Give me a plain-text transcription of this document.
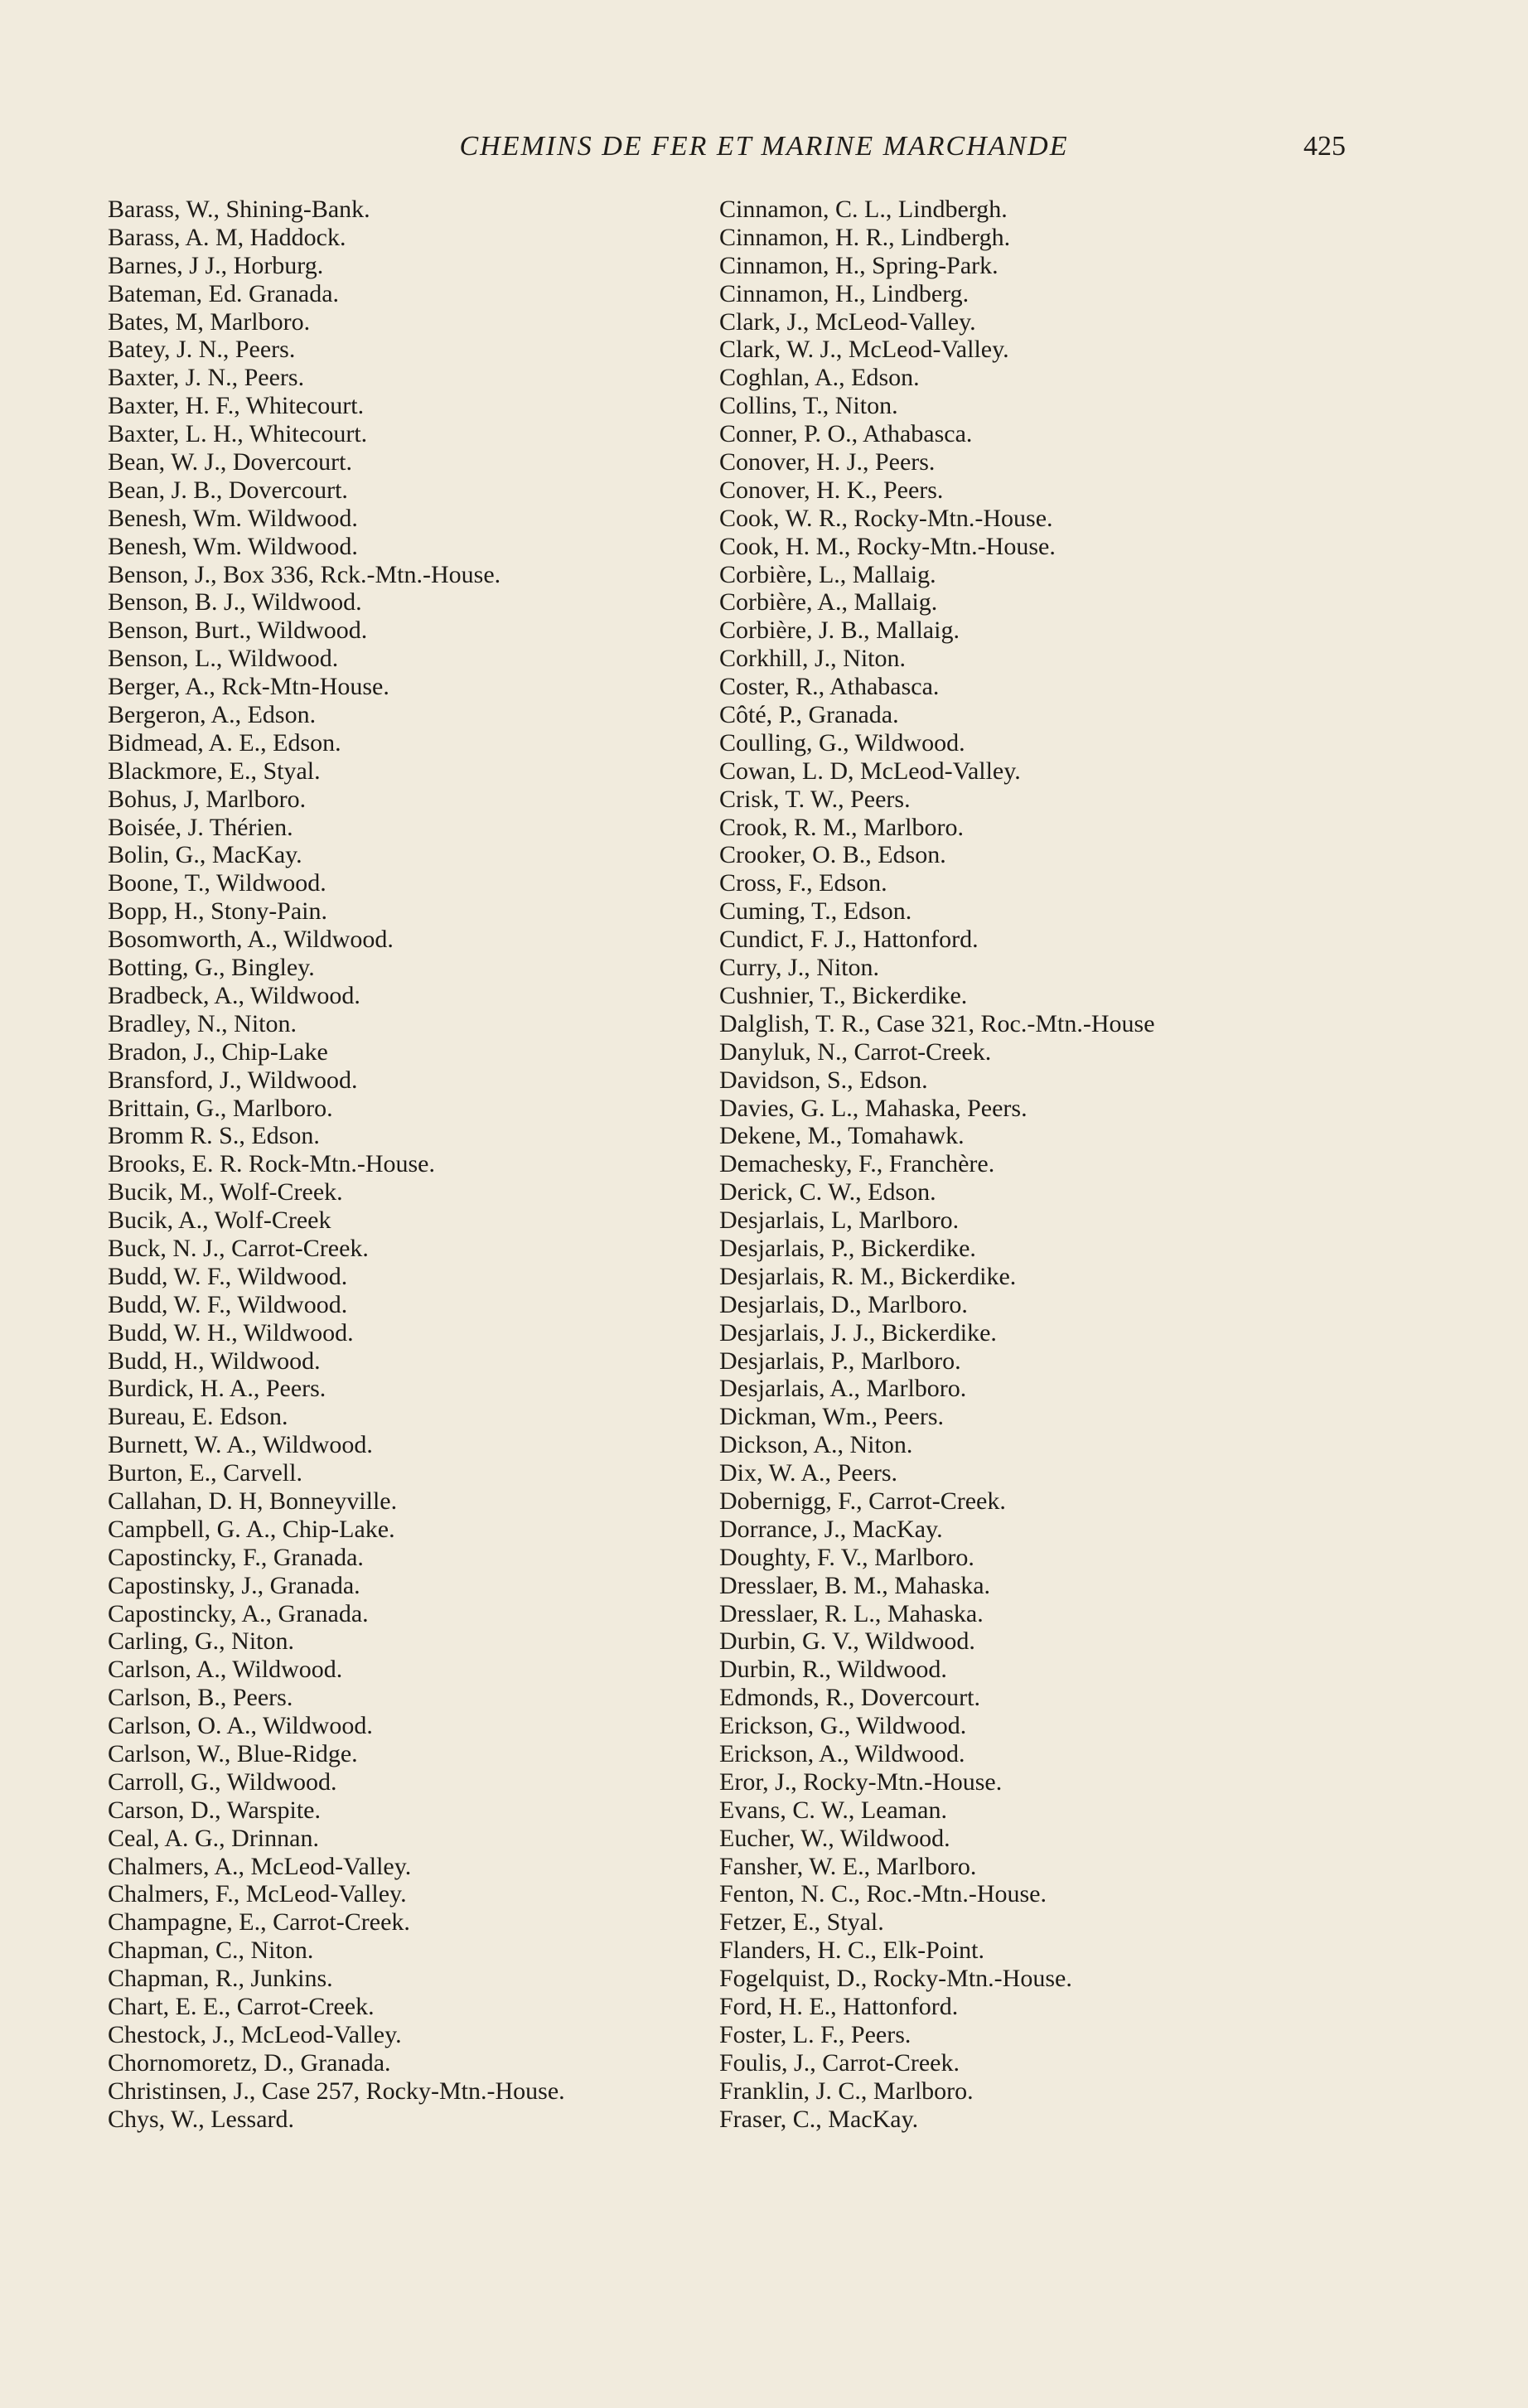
CHEMINS DE FER ET MARINE MARCHANDE	425
Barass, W., Shining-Bank.
Barass, A. M, Haddock.
Barnes, J J., Horburg.
Bateman, Ed. Granada.
Bates, M, Marlboro.
Batey, J. N., Peers.
Baxter, J. N., Peers.
Baxter, H. F., Whitecourt.
Baxter, L. H., Whitecourt.
Bean, W. J., Dovercourt.
Bean, J. B., Dovercourt.
Benesh, Wm. Wildwood.
Benesh, Wm. Wildwood.
Benson, J., Box 336, Rck.-Mtn.-House.
Benson, B. J., Wildwood.
Benson, Burt., Wildwood.
Benson, L., Wildwood.
Berger, A., Rck-Mtn-House.
Bergeron, A., Edson.
Bidmead, A. E., Edson.
Blackmore, E., Styal.
Bohus, J, Marlboro.
Boisée, J. Thérien.
Bolin, G., MacKay.
Boone, T., Wildwood.
Bopp, H., Stony-Pain.
Bosomworth, A., Wildwood.
Botting, G., Bingley.
Bradbeck, A., Wildwood.
Bradley, N., Niton.
Bradon, J., Chip-Lake
Bransford, J., Wildwood.
Brittain, G., Marlboro.
Bromm R. S., Edson.
Brooks, E. R. Rock-Mtn.-House.
Bucik, M., Wolf-Creek.
Bucik, A., Wolf-Creek
Buck, N. J., Carrot-Creek.
Budd, W. F., Wildwood.
Budd, W. F., Wildwood.
Budd, W. H., Wildwood.
Budd, H., Wildwood.
Burdick, H. A., Peers.
Bureau, E. Edson.
Burnett, W. A., Wildwood.
Burton, E., Carvell.
Callahan, D. H, Bonneyville.
Campbell, G. A., Chip-Lake.
Capostincky, F., Granada.
Capostinsky, J., Granada.
Capostincky, A., Granada.
Carling, G., Niton.
Carlson, A., Wildwood.
Carlson, B., Peers.
Carlson, O. A., Wildwood.
Carlson, W., Blue-Ridge.
Carroll, G., Wildwood.
Carson, D., Warspite.
Ceal, A. G., Drinnan.
Chalmers, A., McLeod-Valley.
Chalmers, F., McLeod-Valley.
Champagne, E., Carrot-Creek.
Chapman, C., Niton.
Chapman, R., Junkins.
Chart, E. E., Carrot-Creek.
Chestock, J., McLeod-Valley.
Chornomoretz, D., Granada.
Christinsen, J., Case 257, Rocky-Mtn.-House.
Chys, W., Lessard.
Cinnamon, C. L., Lindbergh.
Cinnamon, H. R., Lindbergh.
Cinnamon, H., Spring-Park.
Cinnamon, H., Lindberg.
Clark, J., McLeod-Valley.
Clark, W. J., McLeod-Valley.
Coghlan, A., Edson.
Collins, T., Niton.
Conner, P. O., Athabasca.
Conover, H. J., Peers.
Conover, H. K., Peers.
Cook, W. R., Rocky-Mtn.-House.
Cook, H. M., Rocky-Mtn.-House.
Corbière, L., Mallaig.
Corbière, A., Mallaig.
Corbière, J. B., Mallaig.
Corkhill, J., Niton.
Coster, R., Athabasca.
Côté, P., Granada.
Coulling, G., Wildwood.
Cowan, L. D, McLeod-Valley.
Crisk, T. W., Peers.
Crook, R. M., Marlboro.
Crooker, O. B., Edson.
Cross, F., Edson.
Cuming, T., Edson.
Cundict, F. J., Hattonford.
Curry, J., Niton.
Cushnier, T., Bickerdike.
Dalglish, T. R., Case 321, Roc.-Mtn.-House
Danyluk, N., Carrot-Creek.
Davidson, S., Edson.
Davies, G. L., Mahaska, Peers.
Dekene, M., Tomahawk.
Demachesky, F., Franchère.
Derick, C. W., Edson.
Desjarlais, L, Marlboro.
Desjarlais, P., Bickerdike.
Desjarlais, R. M., Bickerdike.
Desjarlais, D., Marlboro.
Desjarlais, J. J., Bickerdike.
Desjarlais, P., Marlboro.
Desjarlais, A., Marlboro.
Dickman, Wm., Peers.
Dickson, A., Niton.
Dix, W. A., Peers.
Dobernigg, F., Carrot-Creek.
Dorrance, J., MacKay.
Doughty, F. V., Marlboro.
Dresslaer, B. M., Mahaska.
Dresslaer, R. L., Mahaska.
Durbin, G. V., Wildwood.
Durbin, R., Wildwood.
Edmonds, R., Dovercourt.
Erickson, G., Wildwood.
Erickson, A., Wildwood.
Eror, J., Rocky-Mtn.-House.
Evans, C. W., Leaman.
Eucher, W., Wildwood.
Fansher, W. E., Marlboro.
Fenton, N. C., Roc.-Mtn.-House.
Fetzer, E., Styal.
Flanders, H. C., Elk-Point.
Fogelquist, D., Rocky-Mtn.-House.
Ford, H. E., Hattonford.
Foster, L. F., Peers.
Foulis, J., Carrot-Creek.
Franklin, J. C., Marlboro.
Fraser, C., MacKay.
